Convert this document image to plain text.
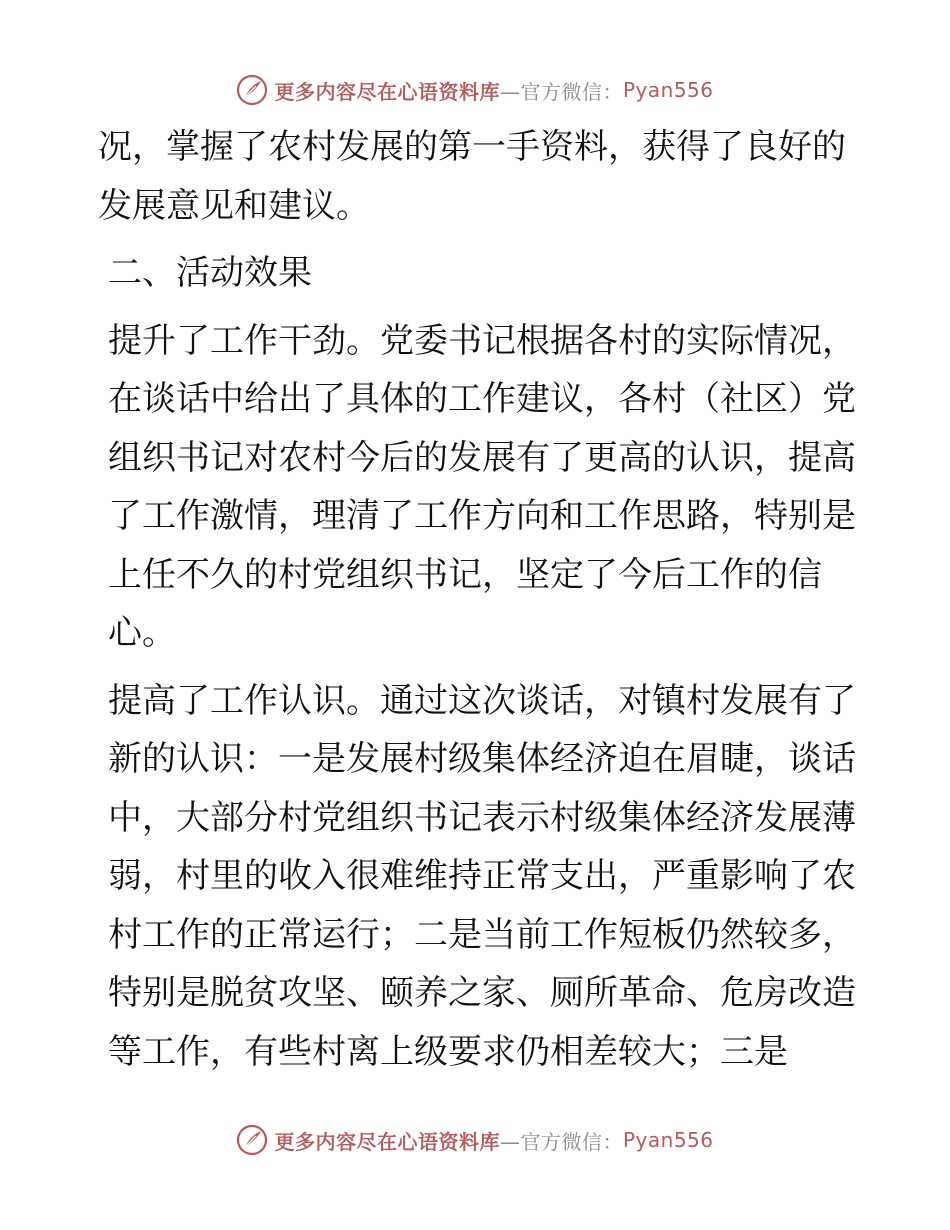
更多内容尽在心语资料库 —官方微信： Pyan556

况，掌握了农村发展的第一手资料，获得了良好的发展意见和建议。

二、活动效果

提升了工作干劲。党委书记根据各村的实际情况，在谈话中给出了具体的工作建议，各村（社区）党组织书记对农村今后的发展有了更高的认识，提高了工作激情，理清了工作方向和工作思路，特别是上任不久的村党组织书记，坚定了今后工作的信心。

提高了工作认识。通过这次谈话，对镇村发展有了新的认识：一是发展村级集体经济迫在眉睫，谈话中，大部分村党组织书记表示村级集体经济发展薄弱，村里的收入很难维持正常支出，严重影响了农村工作的正常运行；二是当前工作短板仍然较多，特别是脱贫攻坚、颐养之家、厕所革命、危房改造等工作，有些村离上级要求仍相差较大；三是

更多内容尽在心语资料库 —官方微信： Pyan556
